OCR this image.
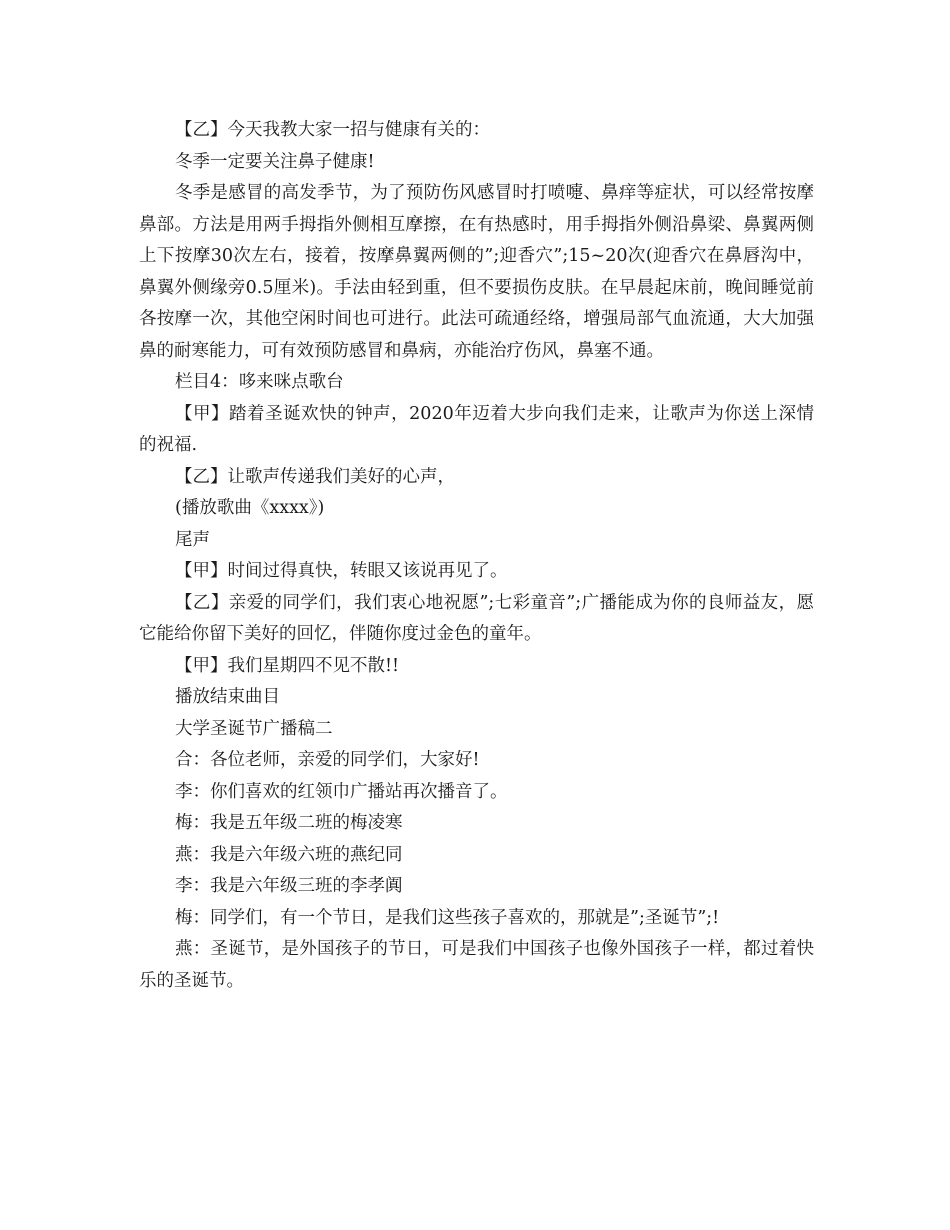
【乙】今天我教大家一招与健康有关的：

冬季一定要关注鼻子健康!

冬季是感冒的高发季节，为了预防伤风感冒时打喷嚏、鼻痒等症状，可以经常按摩鼻部。方法是用两手拇指外侧相互摩擦，在有热感时，用手拇指外侧沿鼻梁、鼻翼两侧上下按摩30次左右，接着，按摩鼻翼两侧的”;迎香穴”;15~20次(迎香穴在鼻唇沟中，鼻翼外侧缘旁0.5厘米)。手法由轻到重，但不要损伤皮肤。在早晨起床前，晚间睡觉前各按摩一次，其他空闲时间也可进行。此法可疏通经络，增强局部气血流通，大大加强鼻的耐寒能力，可有效预防感冒和鼻病，亦能治疗伤风，鼻塞不通。

栏目4：哆来咪点歌台

【甲】踏着圣诞欢快的钟声，2020年迈着大步向我们走来，让歌声为你送上深情的祝福.

【乙】让歌声传递我们美好的心声，

(播放歌曲《xxxx》)

尾声

【甲】时间过得真快，转眼又该说再见了。

【乙】亲爱的同学们，我们衷心地祝愿”;七彩童音”;广播能成为你的良师益友，愿它能给你留下美好的回忆，伴随你度过金色的童年。

【甲】我们星期四不见不散!!

播放结束曲目

大学圣诞节广播稿二

合：各位老师，亲爱的同学们，大家好!

李：你们喜欢的红领巾广播站再次播音了。

梅：我是五年级二班的梅凌寒

燕：我是六年级六班的燕纪同

李：我是六年级三班的李孝阗

梅：同学们，有一个节日，是我们这些孩子喜欢的，那就是”;圣诞节”;!

燕：圣诞节，是外国孩子的节日，可是我们中国孩子也像外国孩子一样，都过着快乐的圣诞节。
